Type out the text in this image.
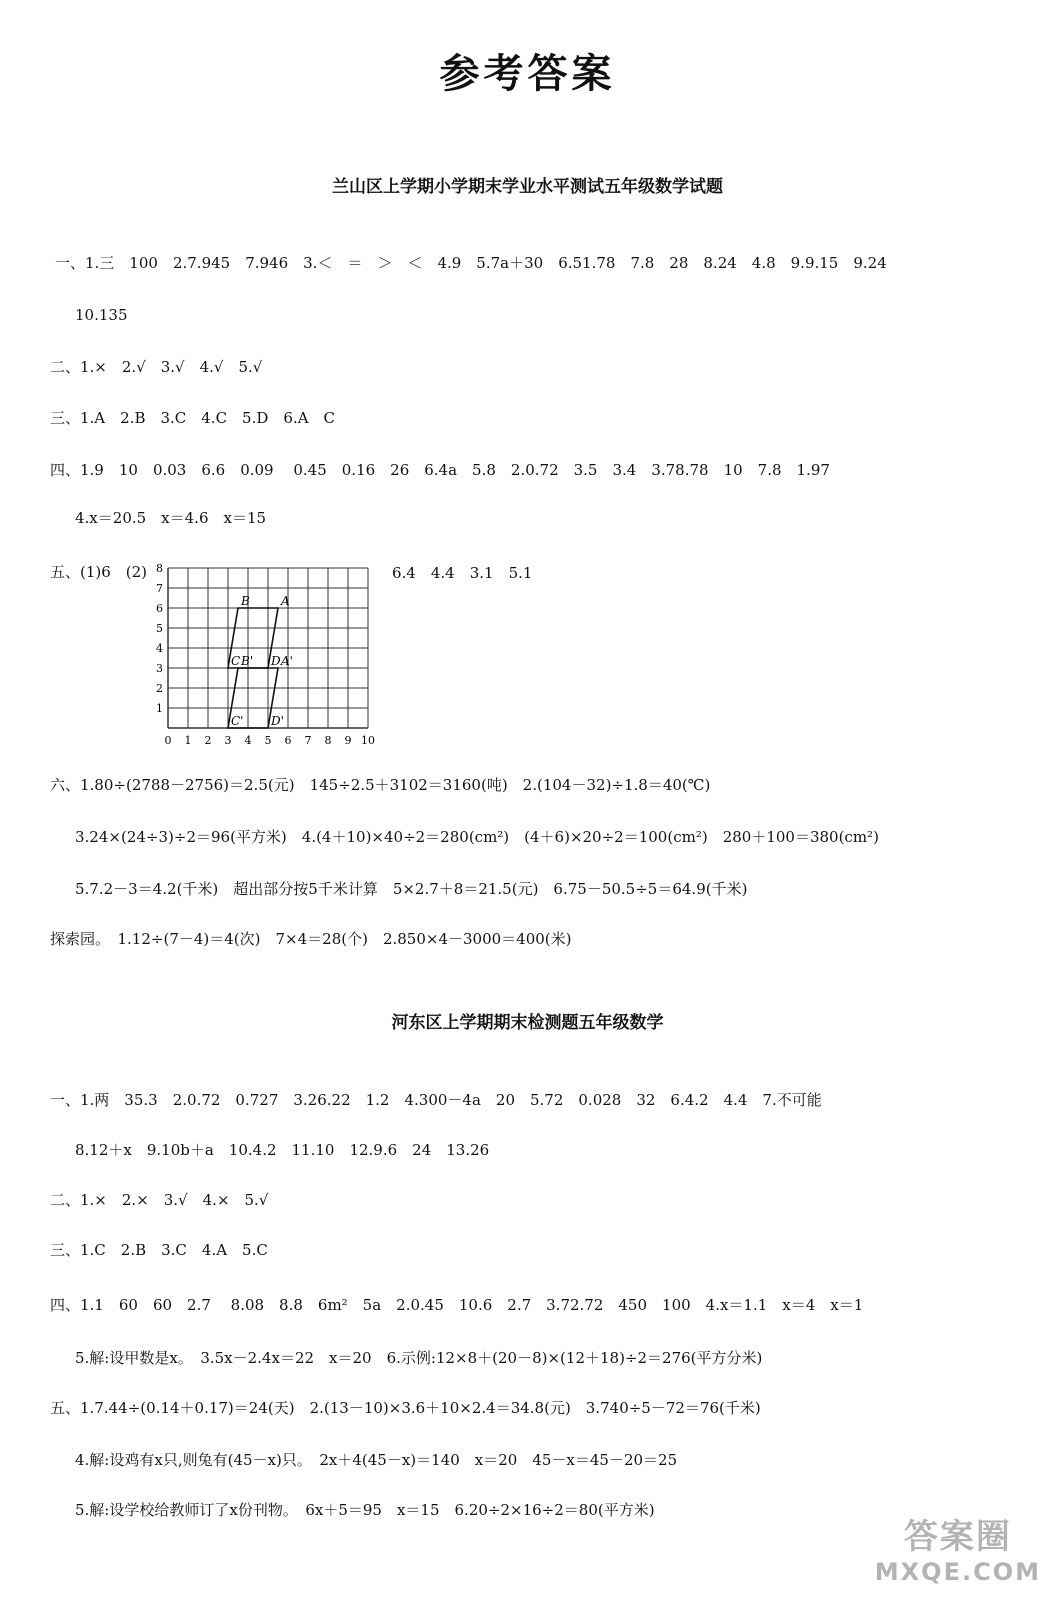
参考答案
兰山区上学期小学期末学业水平测试五年级数学试题
一、1.三　100　2.7.945　7.946　3.＜　＝　＞　＜　4.9　5.7a＋30　6.51.78　7.8　28　8.24　4.8　9.9.15　9.24
10.135
二、1.×　2.√　3.√　4.√　5.√
三、1.A　2.B　3.C　4.C　5.D　6.A　C
四、1.9　10　0.03　6.6　0.09　 0.45　0.16　26　6.4a　5.8　2.0.72　3.5　3.4　3.78.78　10　7.8　1.97
4.x＝20.5　x＝4.6　x＝15
五、(1)6　(2)
0 1 2 3 4 5 6 7 8 9 10
1
2
3
4
5
6
7
8
B	A
B' A'
C	D
C' D'
6.4　4.4　3.1　5.1
六、1.80÷(2788－2756)＝2.5(元)　145÷2.5＋3102＝3160(吨)　2.(104－32)÷1.8＝40(℃)
3.24×(24÷3)÷2＝96(平方米)　4.(4＋10)×40÷2＝280(cm²)　(4＋6)×20÷2＝100(cm²)　280＋100＝380(cm²)
5.7.2－3＝4.2(千米)　超出部分按5千米计算　5×2.7＋8＝21.5(元)　6.75－50.5÷5＝64.9(千米)
探索园。　1.12÷(7－4)＝4(次)　7×4＝28(个)　2.850×4－3000＝400(米)
河东区上学期期末检测题五年级数学
一、1.两　35.3　2.0.72　0.727　3.26.22　1.2　4.300－4a　20　5.72　0.028　32　6.4.2　4.4　7.不可能
8.12＋x　9.10b＋a　10.4.2　11.10　12.9.6　24　13.26
二、1.×　2.×　3.√　4.×　5.√
三、1.C　2.B　3.C　4.A　5.C
四、1.1　60　60　2.7　 8.08　8.8　6m²　5a　2.0.45　10.6　2.7　3.72.72　450　100　4.x＝1.1　x＝4　x＝1
5.解:设甲数是x。　3.5x－2.4x＝22　x＝20　6.示例:12×8＋(20－8)×(12＋18)÷2＝276(平方分米)
五、1.7.44÷(0.14＋0.17)＝24(天)　2.(13－10)×3.6＋10×2.4＝34.8(元)　3.740÷5－72＝76(千米)
4.解:设鸡有x只,则兔有(45－x)只。　2x＋4(45－x)＝140　x＝20　45－x＝45－20＝25
5.解:设学校给教师订了x份刊物。　6x＋5＝95　x＝15　6.20÷2×16÷2＝80(平方米)
答案圈
MXQE.COM
